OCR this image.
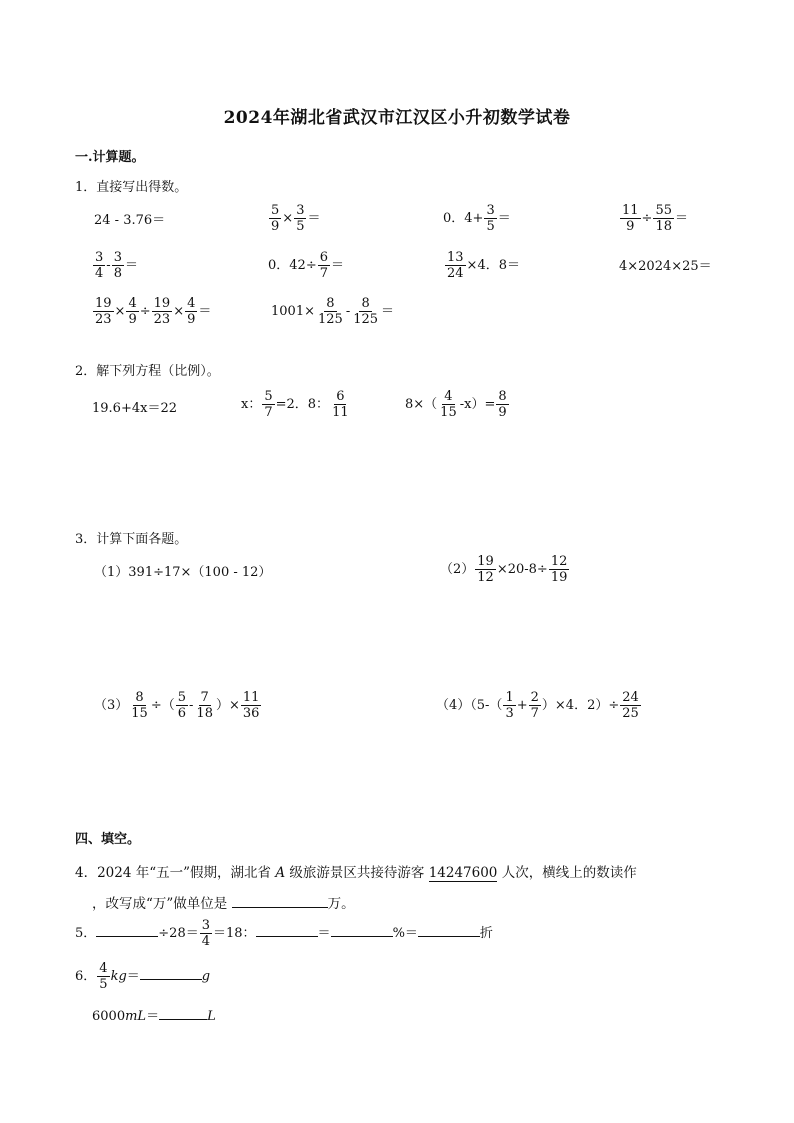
2024年湖北省武汉市江汉区小升初数学试卷
一.计算题。
1．直接写出得数。
24 - 3.76＝	$\frac{5}{9} \times \frac{3}{5}$ ＝	0．$4+ \frac{3}{5}$ ＝	$\frac{11}{9} \div \frac{55}{18}$ ＝
$\frac{3}{4} - \frac{3}{8}$ ＝	0．$42\div \frac{6}{7}$ ＝	$\frac{13}{24} \times 4$．8＝	4×2024×25＝
$\frac{19}{23} \times \frac{4}{9} \div \frac{19}{23} \times \frac{4}{9}$ ＝	$1001\times \frac{8}{125} - \frac{8}{125}$ ＝
2．解下列方程（比例）。
19.6+4x＝22	x： $\frac{5}{7} =2$．8： $\frac{6}{11}$	$8\times( \frac{4}{15} -x)= \frac{8}{9}$
3．计算下面各题。
（1）391÷17×（100 - 12）	$(2) \frac{19}{12} \times 20-8\div \frac{12}{19}$
$(3) \frac{8}{15}$ ÷（ $\frac{5}{6} - \frac{7}{18}$ ）× $\frac{11}{36}$	$(4)(5-( \frac{1}{3} + \frac{2}{7} )\times 4$．$2)\div \frac{24}{25}$
四、填空。
4．2024 年“五一”假期，湖北省 A 级旅游景区共接待游客 14247600 人次，横线上的数读作
，改写成“万”做单位是	万。
5．	$\div 28= \frac{3}{4} =18$：	＝	%＝	折
6． $\frac{4}{5} kg=$	g
6000mL＝	L
